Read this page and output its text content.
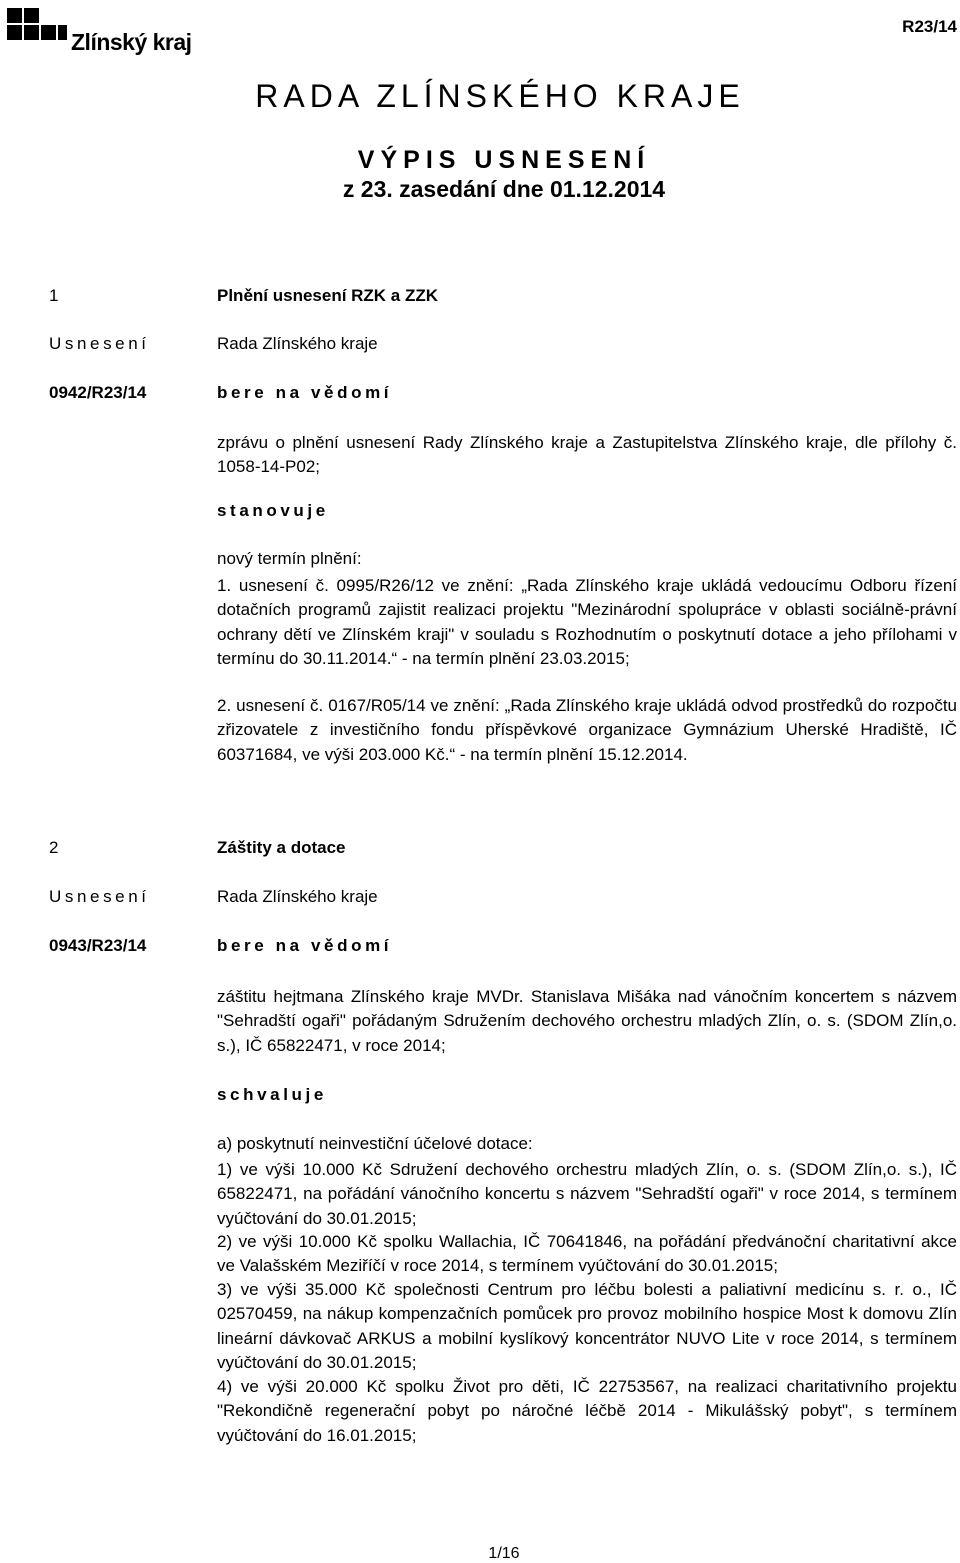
Zlínský kraj
R23/14
RADA ZLÍNSKÉHO KRAJE
VÝPIS USNESENÍ
z 23. zasedání dne 01.12.2014
1	Plnění usnesení RZK a ZZK
Usnesení	Rada Zlínského kraje
0942/R23/14	bere na vědomí
zprávu o plnění usnesení Rady Zlínského kraje a Zastupitelstva Zlínského kraje, dle přílohy č. 1058-14-P02;
stanovuje
nový termín plnění:
1. usnesení č. 0995/R26/12 ve znění: „Rada Zlínského kraje ukládá vedoucímu Odboru řízení dotačních programů zajistit realizaci projektu "Mezinárodní spolupráce v oblasti sociálně-právní ochrany dětí ve Zlínském kraji" v souladu s Rozhodnutím o poskytnutí dotace a jeho přílohami v termínu do 30.11.2014.“ - na termín plnění 23.03.2015;
2. usnesení č. 0167/R05/14 ve znění: „Rada Zlínského kraje ukládá odvod prostředků do rozpočtu zřizovatele z investičního fondu příspěvkové organizace Gymnázium Uherské Hradiště, IČ 60371684, ve výši 203.000 Kč.“ - na termín plnění 15.12.2014.
2	Záštity a dotace
Usnesení	Rada Zlínského kraje
0943/R23/14	bere na vědomí
záštitu hejtmana Zlínského kraje MVDr. Stanislava Mišáka nad vánočním koncertem s názvem "Sehradští ogaři" pořádaným Sdružením dechového orchestru mladých Zlín, o. s. (SDOM Zlín,o. s.), IČ 65822471, v roce 2014;
schvaluje
a) poskytnutí neinvestiční účelové dotace:
1) ve výši 10.000 Kč Sdružení dechového orchestru mladých Zlín, o. s. (SDOM Zlín,o. s.), IČ 65822471, na pořádání vánočního koncertu s názvem "Sehradští ogaři" v roce 2014, s termínem vyúčtování do 30.01.2015;
2) ve výši 10.000 Kč spolku Wallachia, IČ 70641846, na pořádání předvánoční charitativní akce ve Valašském Meziříčí v roce 2014, s termínem vyúčtování do 30.01.2015;
3) ve výši 35.000 Kč společnosti Centrum pro léčbu bolesti a paliativní medicínu s. r. o., IČ 02570459, na nákup kompenzačních pomůcek pro provoz mobilního hospice Most k domovu Zlín lineární dávkovač ARKUS a mobilní kyslíkový koncentrátor NUVO Lite v roce 2014, s termínem vyúčtování do 30.01.2015;
4) ve výši 20.000 Kč spolku Život pro děti, IČ 22753567, na realizaci charitativního projektu "Rekondičně regenerační pobyt po náročné léčbě 2014 - Mikulášský pobyt", s termínem vyúčtování do 16.01.2015;
1/16
